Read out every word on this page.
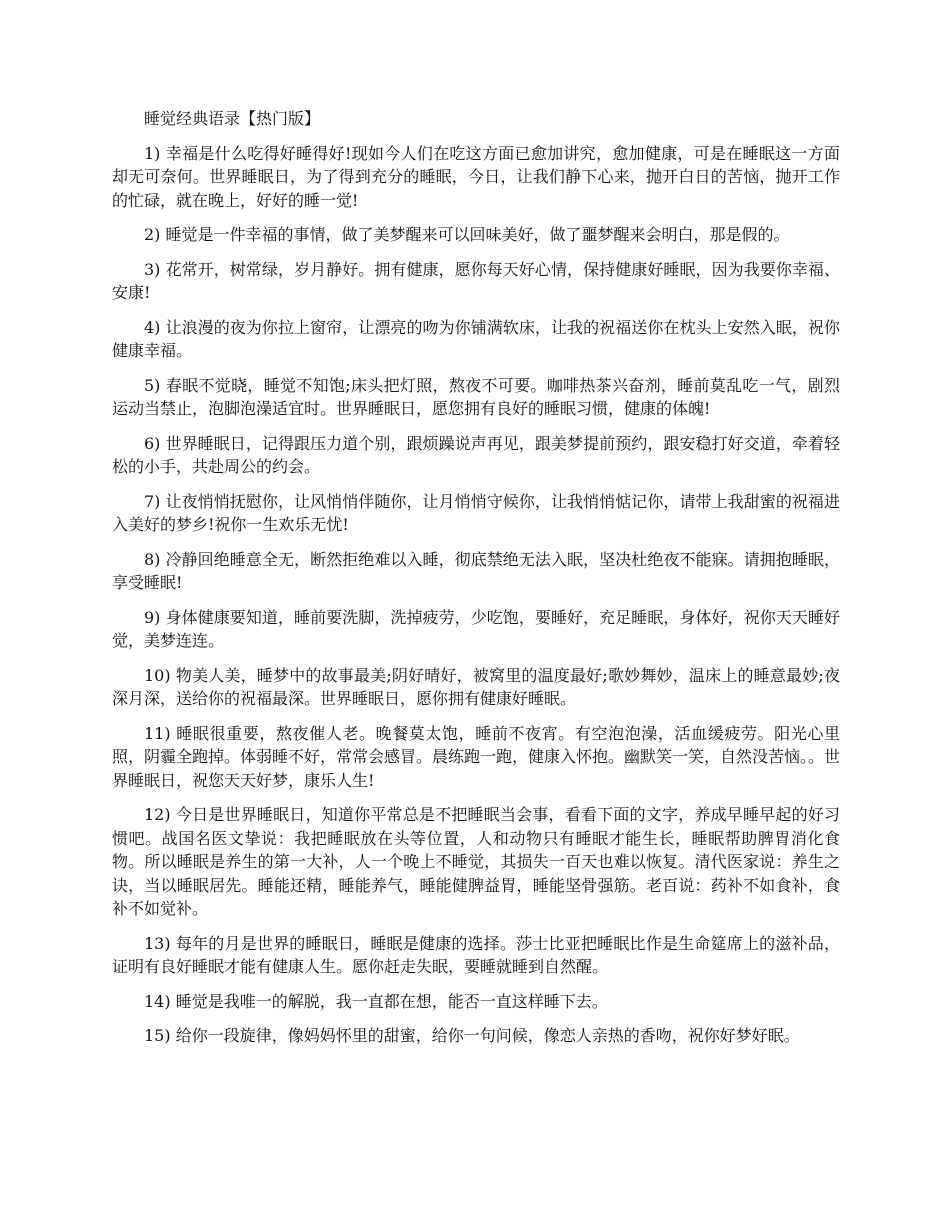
睡觉经典语录【热门版】

1) 幸福是什么吃得好睡得好!现如今人们在吃这方面已愈加讲究，愈加健康，可是在睡眠这一方面却无可奈何。世界睡眠日，为了得到充分的睡眠，今日，让我们静下心来，抛开白日的苦恼，抛开工作的忙碌，就在晚上，好好的睡一觉!

2) 睡觉是一件幸福的事情，做了美梦醒来可以回味美好，做了噩梦醒来会明白，那是假的。

3) 花常开，树常绿，岁月静好。拥有健康，愿你每天好心情，保持健康好睡眠，因为我要你幸福、安康!

4) 让浪漫的夜为你拉上窗帘，让漂亮的吻为你铺满软床，让我的祝福送你在枕头上安然入眠，祝你健康幸福。

5) 春眠不觉晓，睡觉不知饱;床头把灯照，熬夜不可要。咖啡热茶兴奋剂，睡前莫乱吃一气，剧烈运动当禁止，泡脚泡澡适宜时。世界睡眠日，愿您拥有良好的睡眠习惯，健康的体魄!

6) 世界睡眠日，记得跟压力道个别，跟烦躁说声再见，跟美梦提前预约，跟安稳打好交道，牵着轻松的小手，共赴周公的约会。

7) 让夜悄悄抚慰你，让风悄悄伴随你，让月悄悄守候你，让我悄悄惦记你，请带上我甜蜜的祝福进入美好的梦乡!祝你一生欢乐无忧!

8) 冷静回绝睡意全无，断然拒绝难以入睡，彻底禁绝无法入眠，坚决杜绝夜不能寐。请拥抱睡眠，享受睡眠!

9) 身体健康要知道，睡前要洗脚，洗掉疲劳，少吃饱，要睡好，充足睡眠，身体好，祝你天天睡好觉，美梦连连。

10) 物美人美，睡梦中的故事最美;阴好晴好，被窝里的温度最好;歌妙舞妙，温床上的睡意最妙;夜深月深，送给你的祝福最深。世界睡眠日，愿你拥有健康好睡眠。

11) 睡眠很重要，熬夜催人老。晚餐莫太饱，睡前不夜宵。有空泡泡澡，活血缓疲劳。阳光心里照，阴霾全跑掉。体弱睡不好，常常会感冒。晨练跑一跑，健康入怀抱。幽默笑一笑，自然没苦恼。。世界睡眠日，祝您天天好梦，康乐人生!

12) 今日是世界睡眠日，知道你平常总是不把睡眠当会事，看看下面的文字，养成早睡早起的好习惯吧。战国名医文挚说：我把睡眠放在头等位置，人和动物只有睡眠才能生长，睡眠帮助脾胃消化食物。所以睡眠是养生的第一大补，人一个晚上不睡觉，其损失一百天也难以恢复。清代医家说：养生之诀，当以睡眠居先。睡能还精，睡能养气，睡能健脾益胃，睡能坚骨强筋。老百说：药补不如食补，食补不如觉补。

13) 每年的月是世界的睡眠日，睡眠是健康的选择。莎士比亚把睡眠比作是生命筵席上的滋补品，证明有良好睡眠才能有健康人生。愿你赶走失眠，要睡就睡到自然醒。

14) 睡觉是我唯一的解脱，我一直都在想，能否一直这样睡下去。

15) 给你一段旋律，像妈妈怀里的甜蜜，给你一句问候，像恋人亲热的香吻，祝你好梦好眠。
